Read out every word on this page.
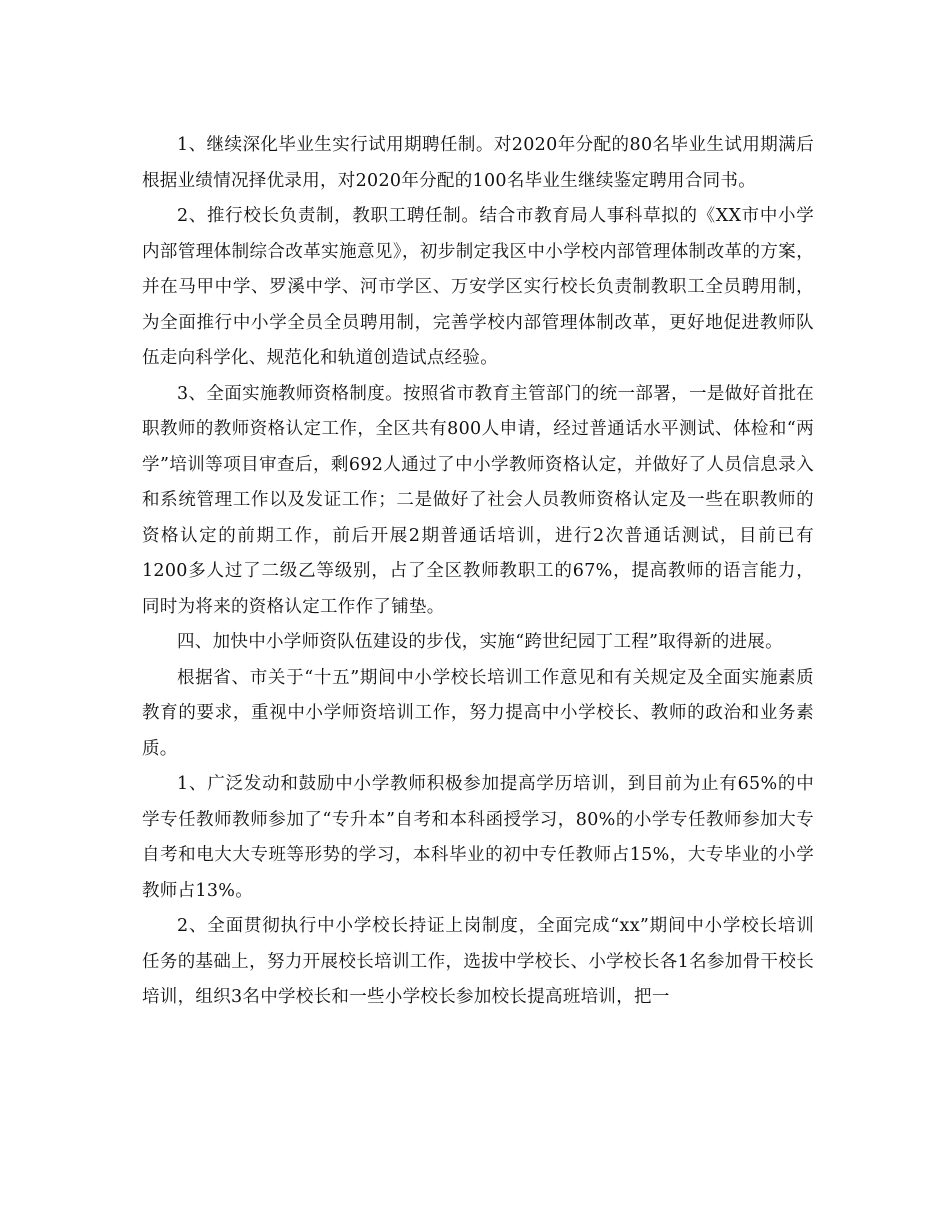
1、继续深化毕业生实行试用期聘任制。对2020年分配的80名毕业生试用期满后根据业绩情况择优录用，对2020年分配的100名毕业生继续鉴定聘用合同书。

2、推行校长负责制，教职工聘任制。结合市教育局人事科草拟的《XX市中小学内部管理体制综合改革实施意见》，初步制定我区中小学校内部管理体制改革的方案，并在马甲中学、罗溪中学、河市学区、万安学区实行校长负责制教职工全员聘用制，为全面推行中小学全员全员聘用制，完善学校内部管理体制改革，更好地促进教师队伍走向科学化、规范化和轨道创造试点经验。

3、全面实施教师资格制度。按照省市教育主管部门的统一部署，一是做好首批在职教师的教师资格认定工作，全区共有800人申请，经过普通话水平测试、体检和“两学”培训等项目审查后，剩692人通过了中小学教师资格认定，并做好了人员信息录入和系统管理工作以及发证工作；二是做好了社会人员教师资格认定及一些在职教师的资格认定的前期工作，前后开展2期普通话培训，进行2次普通话测试，目前已有1200多人过了二级乙等级别，占了全区教师教职工的67%，提高教师的语言能力，同时为将来的资格认定工作作了铺垫。

四、加快中小学师资队伍建设的步伐，实施“跨世纪园丁工程”取得新的进展。

根据省、市关于“十五”期间中小学校长培训工作意见和有关规定及全面实施素质教育的要求，重视中小学师资培训工作，努力提高中小学校长、教师的政治和业务素质。

1、广泛发动和鼓励中小学教师积极参加提高学历培训，到目前为止有65%的中学专任教师教师参加了“专升本”自考和本科函授学习，80%的小学专任教师参加大专自考和电大大专班等形势的学习，本科毕业的初中专任教师占15%，大专毕业的小学教师占13%。

2、全面贯彻执行中小学校长持证上岗制度，全面完成“xx”期间中小学校长培训任务的基础上，努力开展校长培训工作，选拔中学校长、小学校长各1名参加骨干校长培训，组织3名中学校长和一些小学校长参加校长提高班培训，把一
